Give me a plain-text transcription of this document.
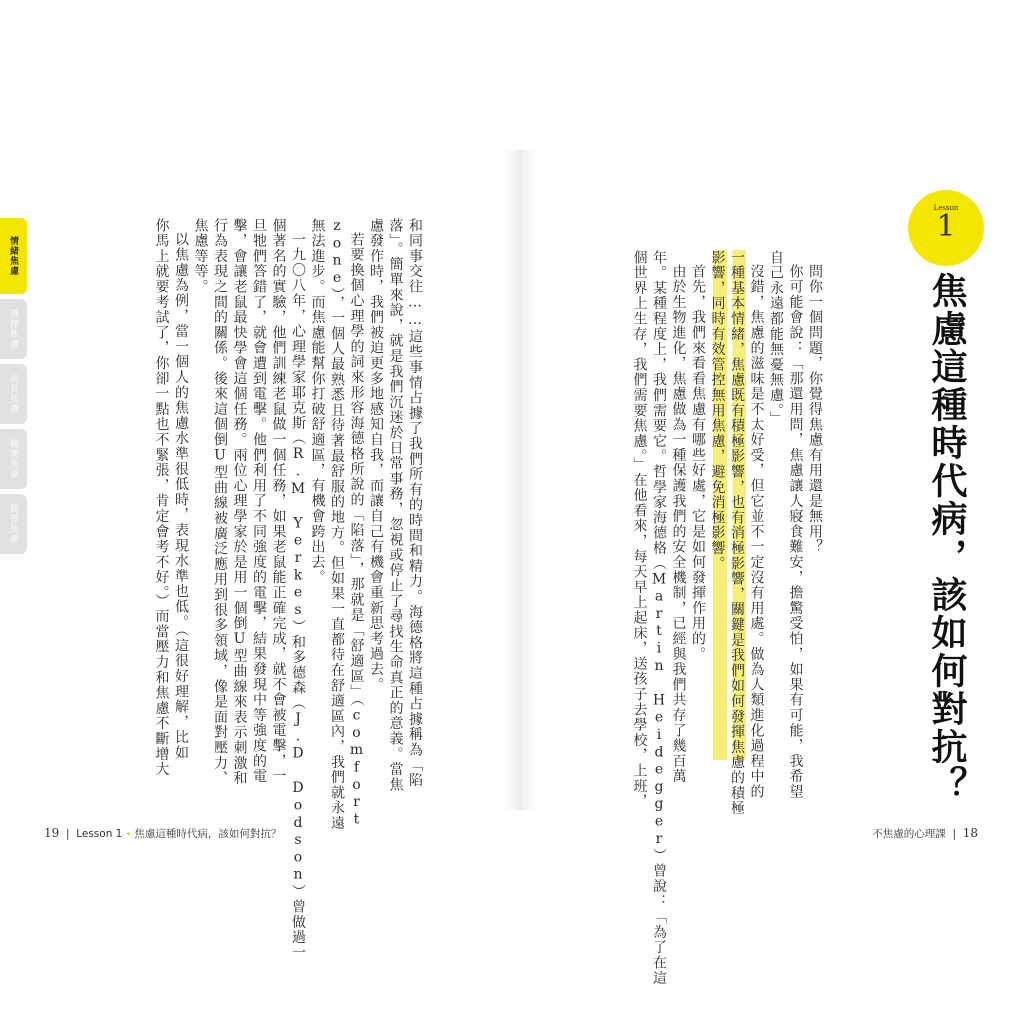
情緒焦慮
選擇焦慮
成長焦慮
職業焦慮
關係焦慮	和同事交往……這些事情占據了我們所有的時間和精力。海德格將這種占據稱為「陷
落」。簡單來說，就是我們沉迷於日常事務，忽視或停止了尋找生命真正的意義。當焦
慮發作時，我們被迫更多地感知自我，而讓自己有機會重新思考過去。
若要換個心理學的詞來形容海德格所說的「陷落」，那就是「舒適區」（comfort
zone），一個人最熟悉且待著最舒服的地方。但如果一直都待在舒適區內，我們就永遠
無法進步。而焦慮能幫你打破舒適區，有機會跨出去。
一九〇八年，心理學家耶克斯（R.M Yerkes）和多德森（J.D Dodson）曾做過一
個著名的實驗，他們訓練老鼠做一個任務，如果老鼠能正確完成，就不會被電擊，一
旦牠們答錯了，就會遭到電擊。他們利用了不同強度的電擊，結果發現中等強度的電
擊，會讓老鼠最快學會這個任務。兩位心理學家於是用一個倒U型曲線來表示刺激和
行為表現之間的關係。後來這個倒U型曲線被廣泛應用到很多領域，像是面對壓力、
焦慮等等。
以焦慮為例，當一個人的焦慮水準很低時，表現水準也低。（這很好理解，比如
你馬上就要考試了，你卻一點也不緊張，肯定會考不好。）而當壓力和焦慮不斷增大	問你一個問題，你覺得焦慮有用還是無用？
你可能會說：「那還用問，焦慮讓人寢食難安，擔驚受怕，如果有可能，我希望
自己永遠都能無憂無慮。」
沒錯，焦慮的滋味是不太好受，但它並不一定沒有用處。做為人類進化過程中的
一種基本情緒，焦慮既有積極影響，也有消極影響，關鍵是我們如何發揮焦慮的積極
影響，同時有效管控無用焦慮，避免消極影響。
首先，我們來看看焦慮有哪些好處，它是如何發揮作用的。
由於生物進化，焦慮做為一種保護我們的安全機制，已經與我們共存了幾百萬
年。某種程度上，我們需要它。哲學家海德格（Martin Heidegger）曾說：「為了在這
個世界上生存，我們需要焦慮。」在他看來，每天早上起床，送孩子去學校，上班，
Lesson
1
焦慮這種時代病，該如何對抗？
19 | Lesson 1 • 焦慮這種時代病，該如何對抗？	不焦慮的心理課 | 18
